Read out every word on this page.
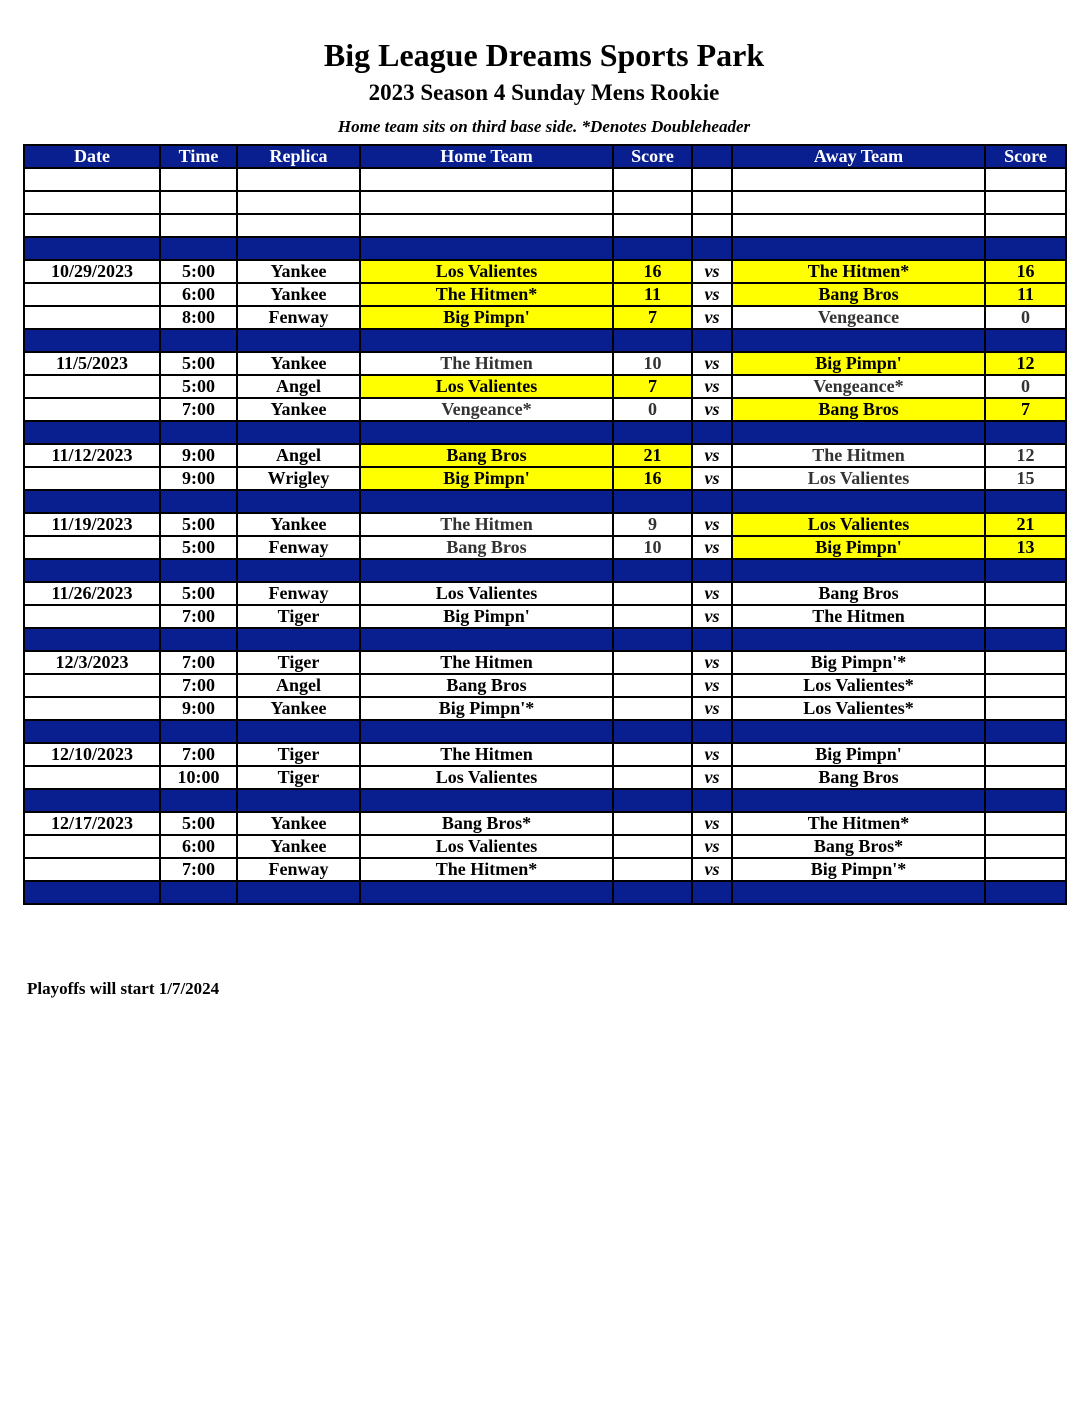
Big League Dreams Sports Park
2023 Season 4 Sunday Mens Rookie
Home team sits on third base side. *Denotes Doubleheader
Date	Time	Replica	Home Team	Score		Away Team	Score

10/29/2023	5:00	Yankee	Los Valientes	16	vs	The Hitmen*	16
	6:00	Yankee	The Hitmen*	11	vs	Bang Bros	11
	8:00	Fenway	Big Pimpn'	7	vs	Vengeance	0

11/5/2023	5:00	Yankee	The Hitmen	10	vs	Big Pimpn'	12
	5:00	Angel	Los Valientes	7	vs	Vengeance*	0
	7:00	Yankee	Vengeance*	0	vs	Bang Bros	7

11/12/2023	9:00	Angel	Bang Bros	21	vs	The Hitmen	12
	9:00	Wrigley	Big Pimpn'	16	vs	Los Valientes	15

11/19/2023	5:00	Yankee	The Hitmen	9	vs	Los Valientes	21
	5:00	Fenway	Bang Bros	10	vs	Big Pimpn'	13

11/26/2023	5:00	Fenway	Los Valientes		vs	Bang Bros	
	7:00	Tiger	Big Pimpn'		vs	The Hitmen	

12/3/2023	7:00	Tiger	The Hitmen		vs	Big Pimpn'*	
	7:00	Angel	Bang Bros		vs	Los Valientes*	
	9:00	Yankee	Big Pimpn'*		vs	Los Valientes*	

12/10/2023	7:00	Tiger	The Hitmen		vs	Big Pimpn'	
	10:00	Tiger	Los Valientes		vs	Bang Bros	

12/17/2023	5:00	Yankee	Bang Bros*		vs	The Hitmen*	
	6:00	Yankee	Los Valientes		vs	Bang Bros*	
	7:00	Fenway	The Hitmen*		vs	Big Pimpn'*	

Playoffs will start 1/7/2024
